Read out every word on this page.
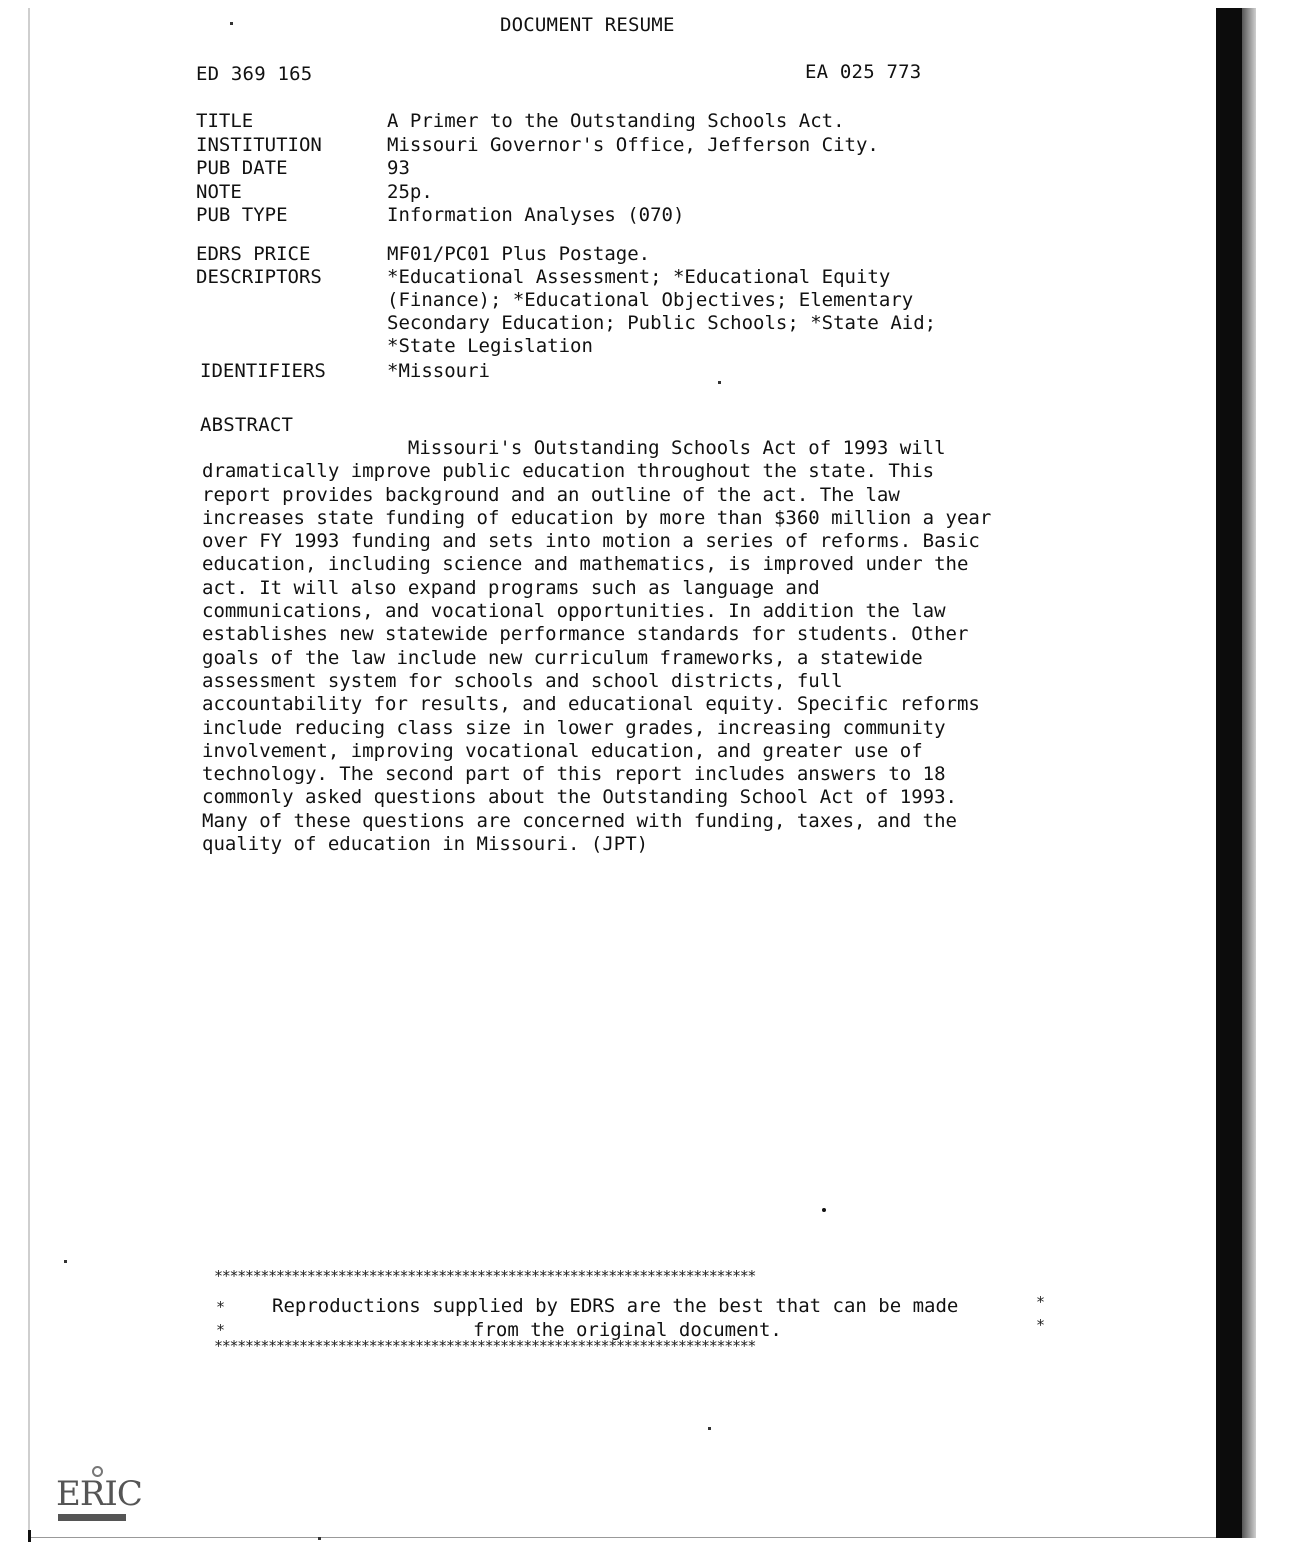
DOCUMENT RESUME
ED 369 165	EA 025 773
TITLE	A Primer to the Outstanding Schools Act.
INSTITUTION	Missouri Governor's Office, Jefferson City.
PUB DATE	93
NOTE	25p.
PUB TYPE	Information Analyses (070)
EDRS PRICE	MF01/PC01 Plus Postage.
DESCRIPTORS	*Educational Assessment; *Educational Equity
(Finance); *Educational Objectives; Elementary
Secondary Education; Public Schools; *State Aid;
*State Legislation
IDENTIFIERS	*Missouri
ABSTRACT
Missouri's Outstanding Schools Act of 1993 will
dramatically improve public education throughout the state. This
report provides background and an outline of the act. The law
increases state funding of education by more than $360 million a year
over FY 1993 funding and sets into motion a series of reforms. Basic
education, including science and mathematics, is improved under the
act. It will also expand programs such as language and
communications, and vocational opportunities. In addition the law
establishes new statewide performance standards for students. Other
goals of the law include new curriculum frameworks, a statewide
assessment system for schools and school districts, full
accountability for results, and educational equity. Specific reforms
include reducing class size in lower grades, increasing community
involvement, improving vocational education, and greater use of
technology. The second part of this report includes answers to 18
commonly asked questions about the Outstanding School Act of 1993.
Many of these questions are concerned with funding, taxes, and the
quality of education in Missouri. (JPT)
**********************************************************************
*
*
*
*
Reproductions supplied by EDRS are the best that can be made
from the original document.
**********************************************************************
ERIC
